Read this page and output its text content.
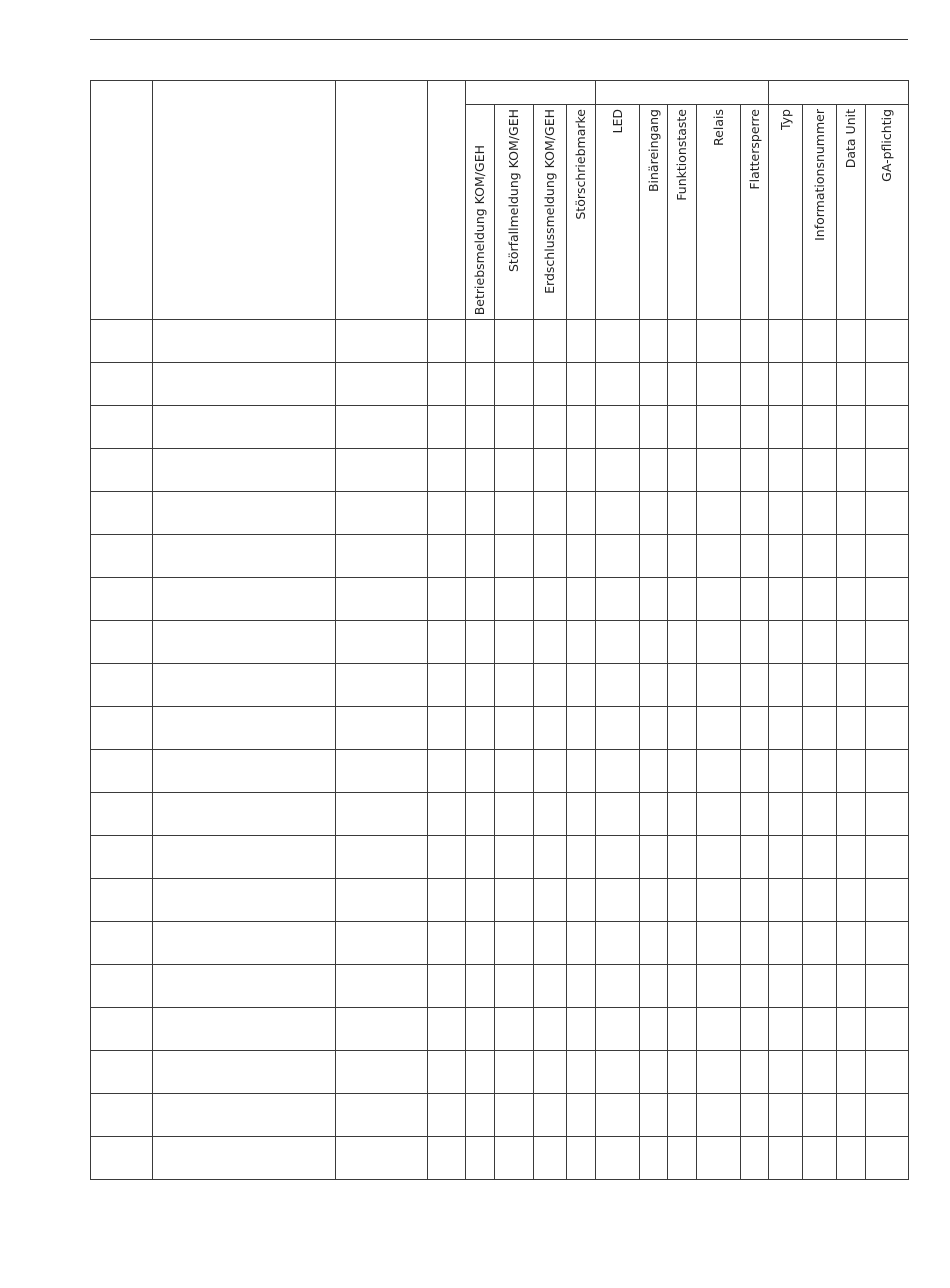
				Betriebsmeldung KOM/GEH	Störfallmeldung KOM/GEH	Erdschlussmeldung KOM/GEH	Störschriebmarke	LED	Binäreingang	Funktionstaste	Relais	Flattersperre	Typ	Informationsnummer	Data Unit	GA-pflichtig
